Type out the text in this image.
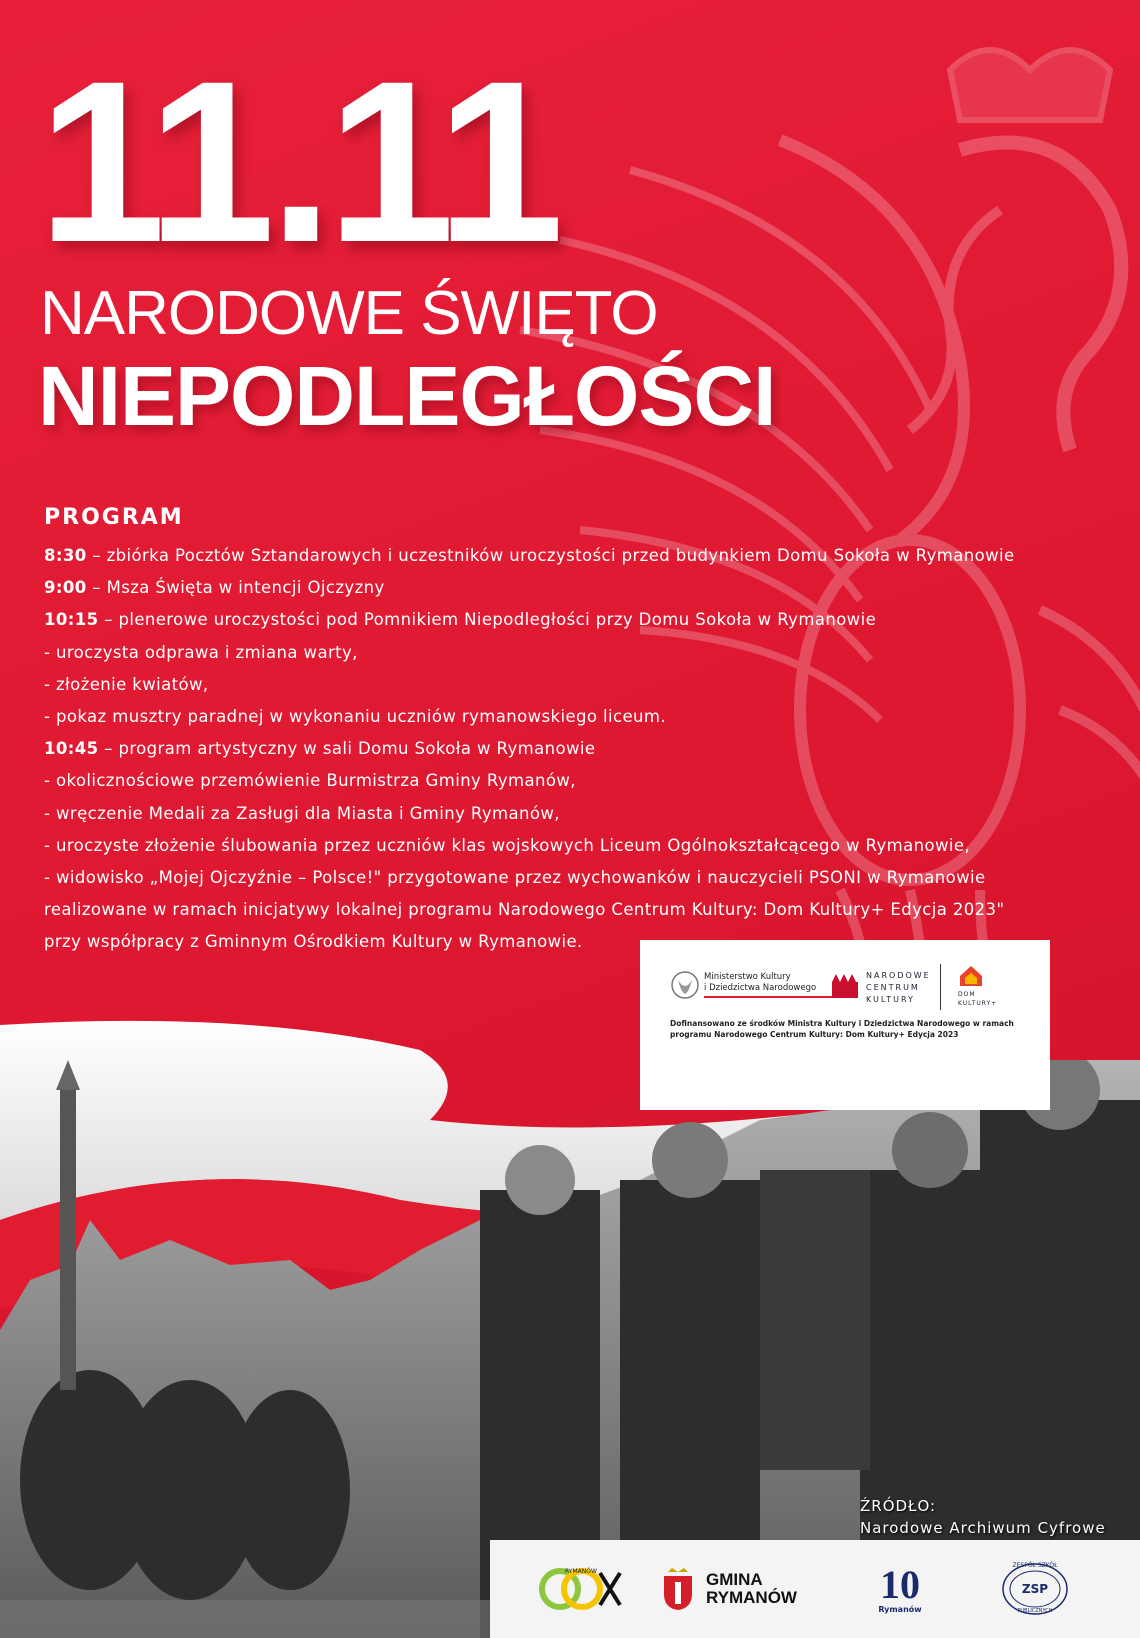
11.11
NARODOWE ŚWIĘTO
NIEPODLEGŁOŚCI
PROGRAM
8:30 – zbiórka Pocztów Sztandarowych i uczestników uroczystości przed budynkiem Domu Sokoła w Rymanowie
9:00 – Msza Święta w intencji Ojczyzny
10:15 – plenerowe uroczystości pod Pomnikiem Niepodległości przy Domu Sokoła w Rymanowie
- uroczysta odprawa i zmiana warty,
- złożenie kwiatów,
- pokaz musztry paradnej w wykonaniu uczniów rymanowskiego liceum.
10:45 – program artystyczny w sali Domu Sokoła w Rymanowie
- okolicznościowe przemówienie Burmistrza Gminy Rymanów,
- wręczenie Medali za Zasługi dla Miasta i Gminy Rymanów,
- uroczyste złożenie ślubowania przez uczniów klas wojskowych Liceum Ogólnokształcącego w Rymanowie,
- widowisko „Mojej Ojczyźnie – Polsce!" przygotowane przez wychowanków i nauczycieli PSONI w Rymanowie
realizowane w ramach inicjatywy lokalnej programu Narodowego Centrum Kultury: Dom Kultury+ Edycja 2023"
przy współpracy z Gminnym Ośrodkiem Kultury w Rymanowie.
ŹRÓDŁO:
Narodowe Archiwum Cyfrowe
Ministerstwo Kultury
i Dziedzictwa Narodowego
NARODOWE
CENTRUM
KULTURY
DOM
KULTURY+
Dofinansowano ze środków Ministra Kultury i Dziedzictwa Narodowego w ramach programu Narodowego Centrum Kultury: Dom Kultury+ Edycja 2023
RYMANÓW	GMINA
RYMANÓW 10
Rymanów
ZESPÓŁ SZKÓŁ
ZSP
PUBLICZNYCH
